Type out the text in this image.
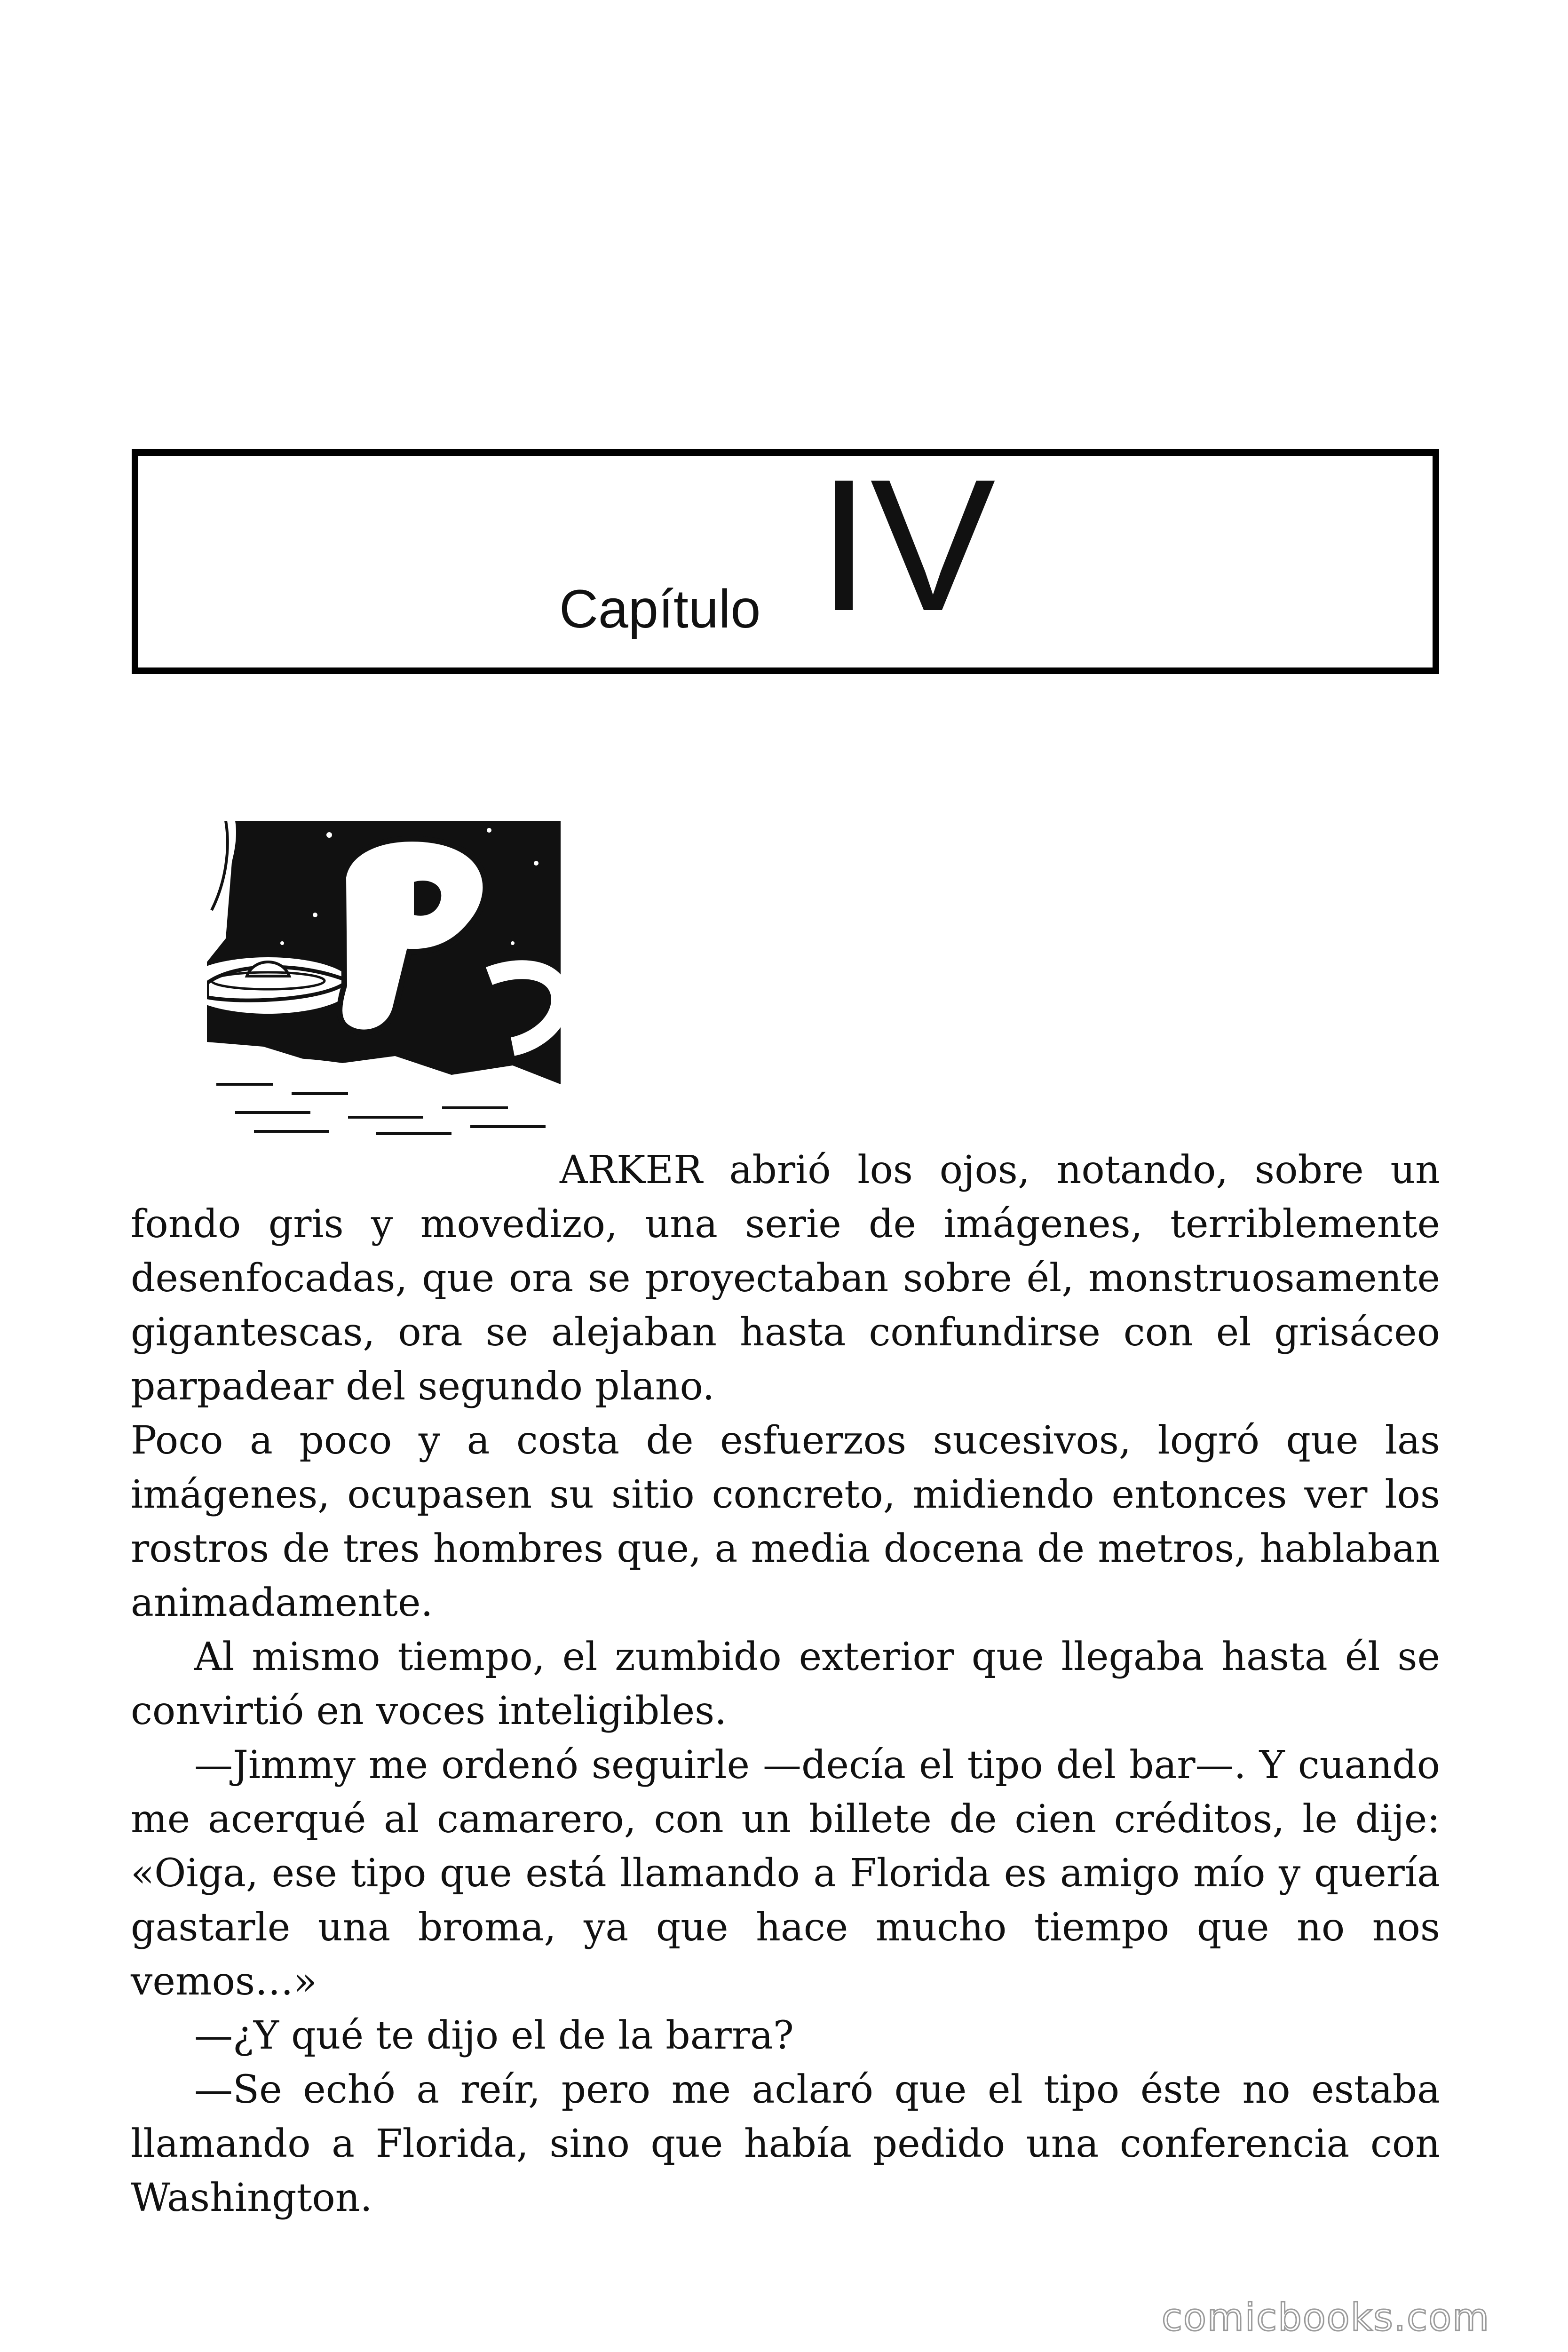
Capítulo IV

ARKER abrió los ojos, notando, sobre un fondo gris y movedizo, una serie de imágenes, terriblemente desenfocadas, que ora se proyectaban sobre él, monstruosamente gigantescas, ora se alejaban hasta confundirse con el grisáceo parpadear del segundo plano.

Poco a poco y a costa de esfuerzos sucesivos, logró que las imágenes, ocupasen su sitio concreto, midiendo entonces ver los rostros de tres hombres que, a media docena de metros, hablaban animadamente.

Al mismo tiempo, el zumbido exterior que llegaba hasta él se convirtió en voces inteligibles.

—Jimmy me ordenó seguirle —decía el tipo del bar—. Y cuando me acerqué al camarero, con un billete de cien créditos, le dije: «Oiga, ese tipo que está llamando a Florida es amigo mío y quería gastarle una broma, ya que hace mucho tiempo que no nos vemos…»

—¿Y qué te dijo el de la barra?

—Se echó a reír, pero me aclaró que el tipo éste no estaba llamando a Florida, sino que había pedido una conferencia con Washington.

comicbooks.com
